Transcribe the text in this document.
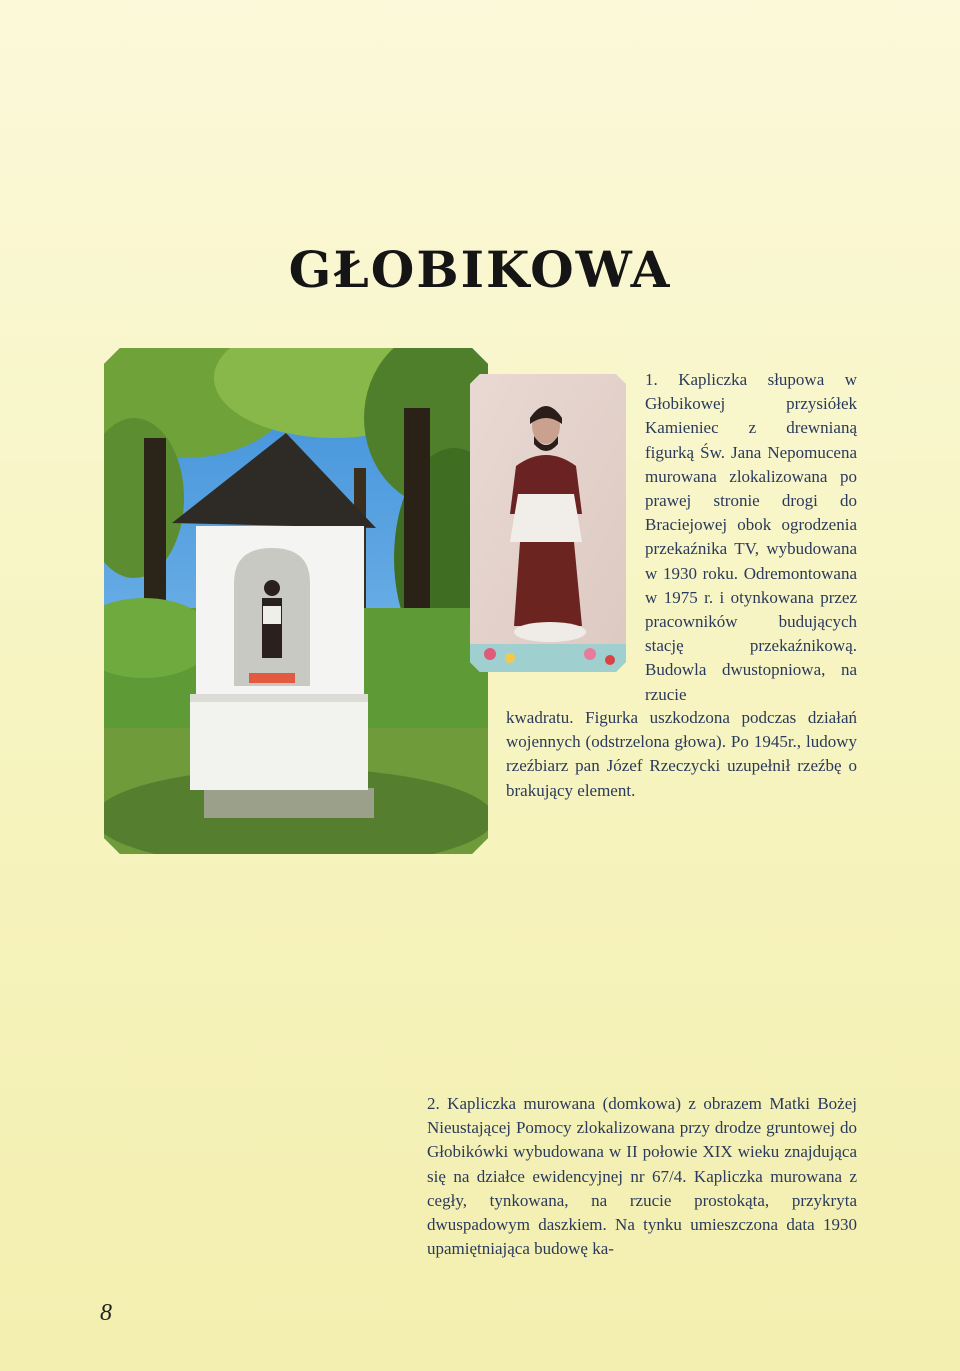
GŁOBIKOWA
1. Kapliczka słupowa w Głobikowej przysiółek Kamieniec z drewnianą figurką Św. Jana Nepomucena murowana zlokalizowana po prawej stronie drogi do Braciejowej obok ogrodzenia przekaźnika TV, wybudowana w 1930 roku. Odremontowana w 1975 r. i otynkowana przez pracowników budujących stację przekaźnikową. Budowla dwustopniowa, na rzucie
kwadratu. Figurka uszkodzona podczas działań wojennych (odstrzelona głowa). Po 1945r., ludowy rzeźbiarz pan Józef Rzeczycki uzupełnił rzeźbę o brakujący element.
2. Kapliczka murowana (domkowa) z obrazem Matki Bożej Nieustającej Pomocy zlokalizowana przy drodze gruntowej do Głobikówki wybudowana w II połowie XIX wieku znajdująca się na działce ewidencyjnej nr 67/4. Kapliczka murowana z cegły, tynkowana, na rzucie prostokąta, przykryta dwuspadowym daszkiem. Na tynku umieszczona data 1930 upamiętniająca budowę ka-
8
